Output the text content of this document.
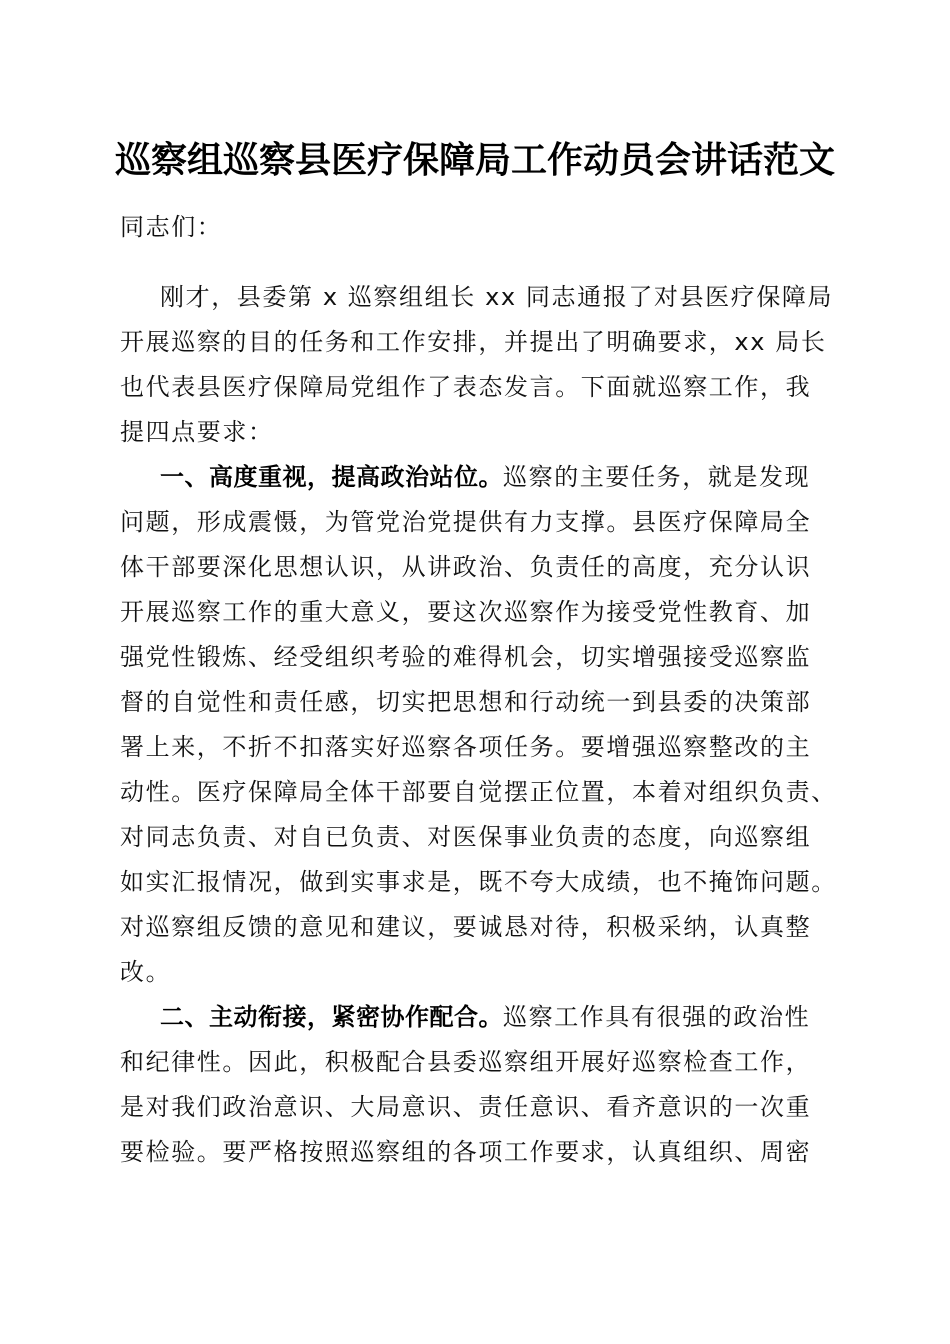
巡察组巡察县医疗保障局工作动员会讲话范文
同志们：
刚才，县委第 x 巡察组组长 xx 同志通报了对县医疗保障局
开展巡察的目的任务和工作安排，并提出了明确要求，xx 局长
也代表县医疗保障局党组作了表态发言。下面就巡察工作，我
提四点要求：
一、高度重视，提高政治站位。巡察的主要任务，就是发现
问题，形成震慑，为管党治党提供有力支撑。县医疗保障局全
体干部要深化思想认识，从讲政治、负责任的高度，充分认识
开展巡察工作的重大意义，要这次巡察作为接受党性教育、加
强党性锻炼、经受组织考验的难得机会，切实增强接受巡察监
督的自觉性和责任感，切实把思想和行动统一到县委的决策部
署上来，不折不扣落实好巡察各项任务。要增强巡察整改的主
动性。医疗保障局全体干部要自觉摆正位置，本着对组织负责、
对同志负责、对自已负责、对医保事业负责的态度，向巡察组
如实汇报情况，做到实事求是，既不夸大成绩，也不掩饰问题。
对巡察组反馈的意见和建议，要诚恳对待，积极采纳，认真整
改。
二、主动衔接，紧密协作配合。巡察工作具有很强的政治性
和纪律性。因此，积极配合县委巡察组开展好巡察检查工作，
是对我们政治意识、大局意识、责任意识、看齐意识的一次重
要检验。要严格按照巡察组的各项工作要求，认真组织、周密
